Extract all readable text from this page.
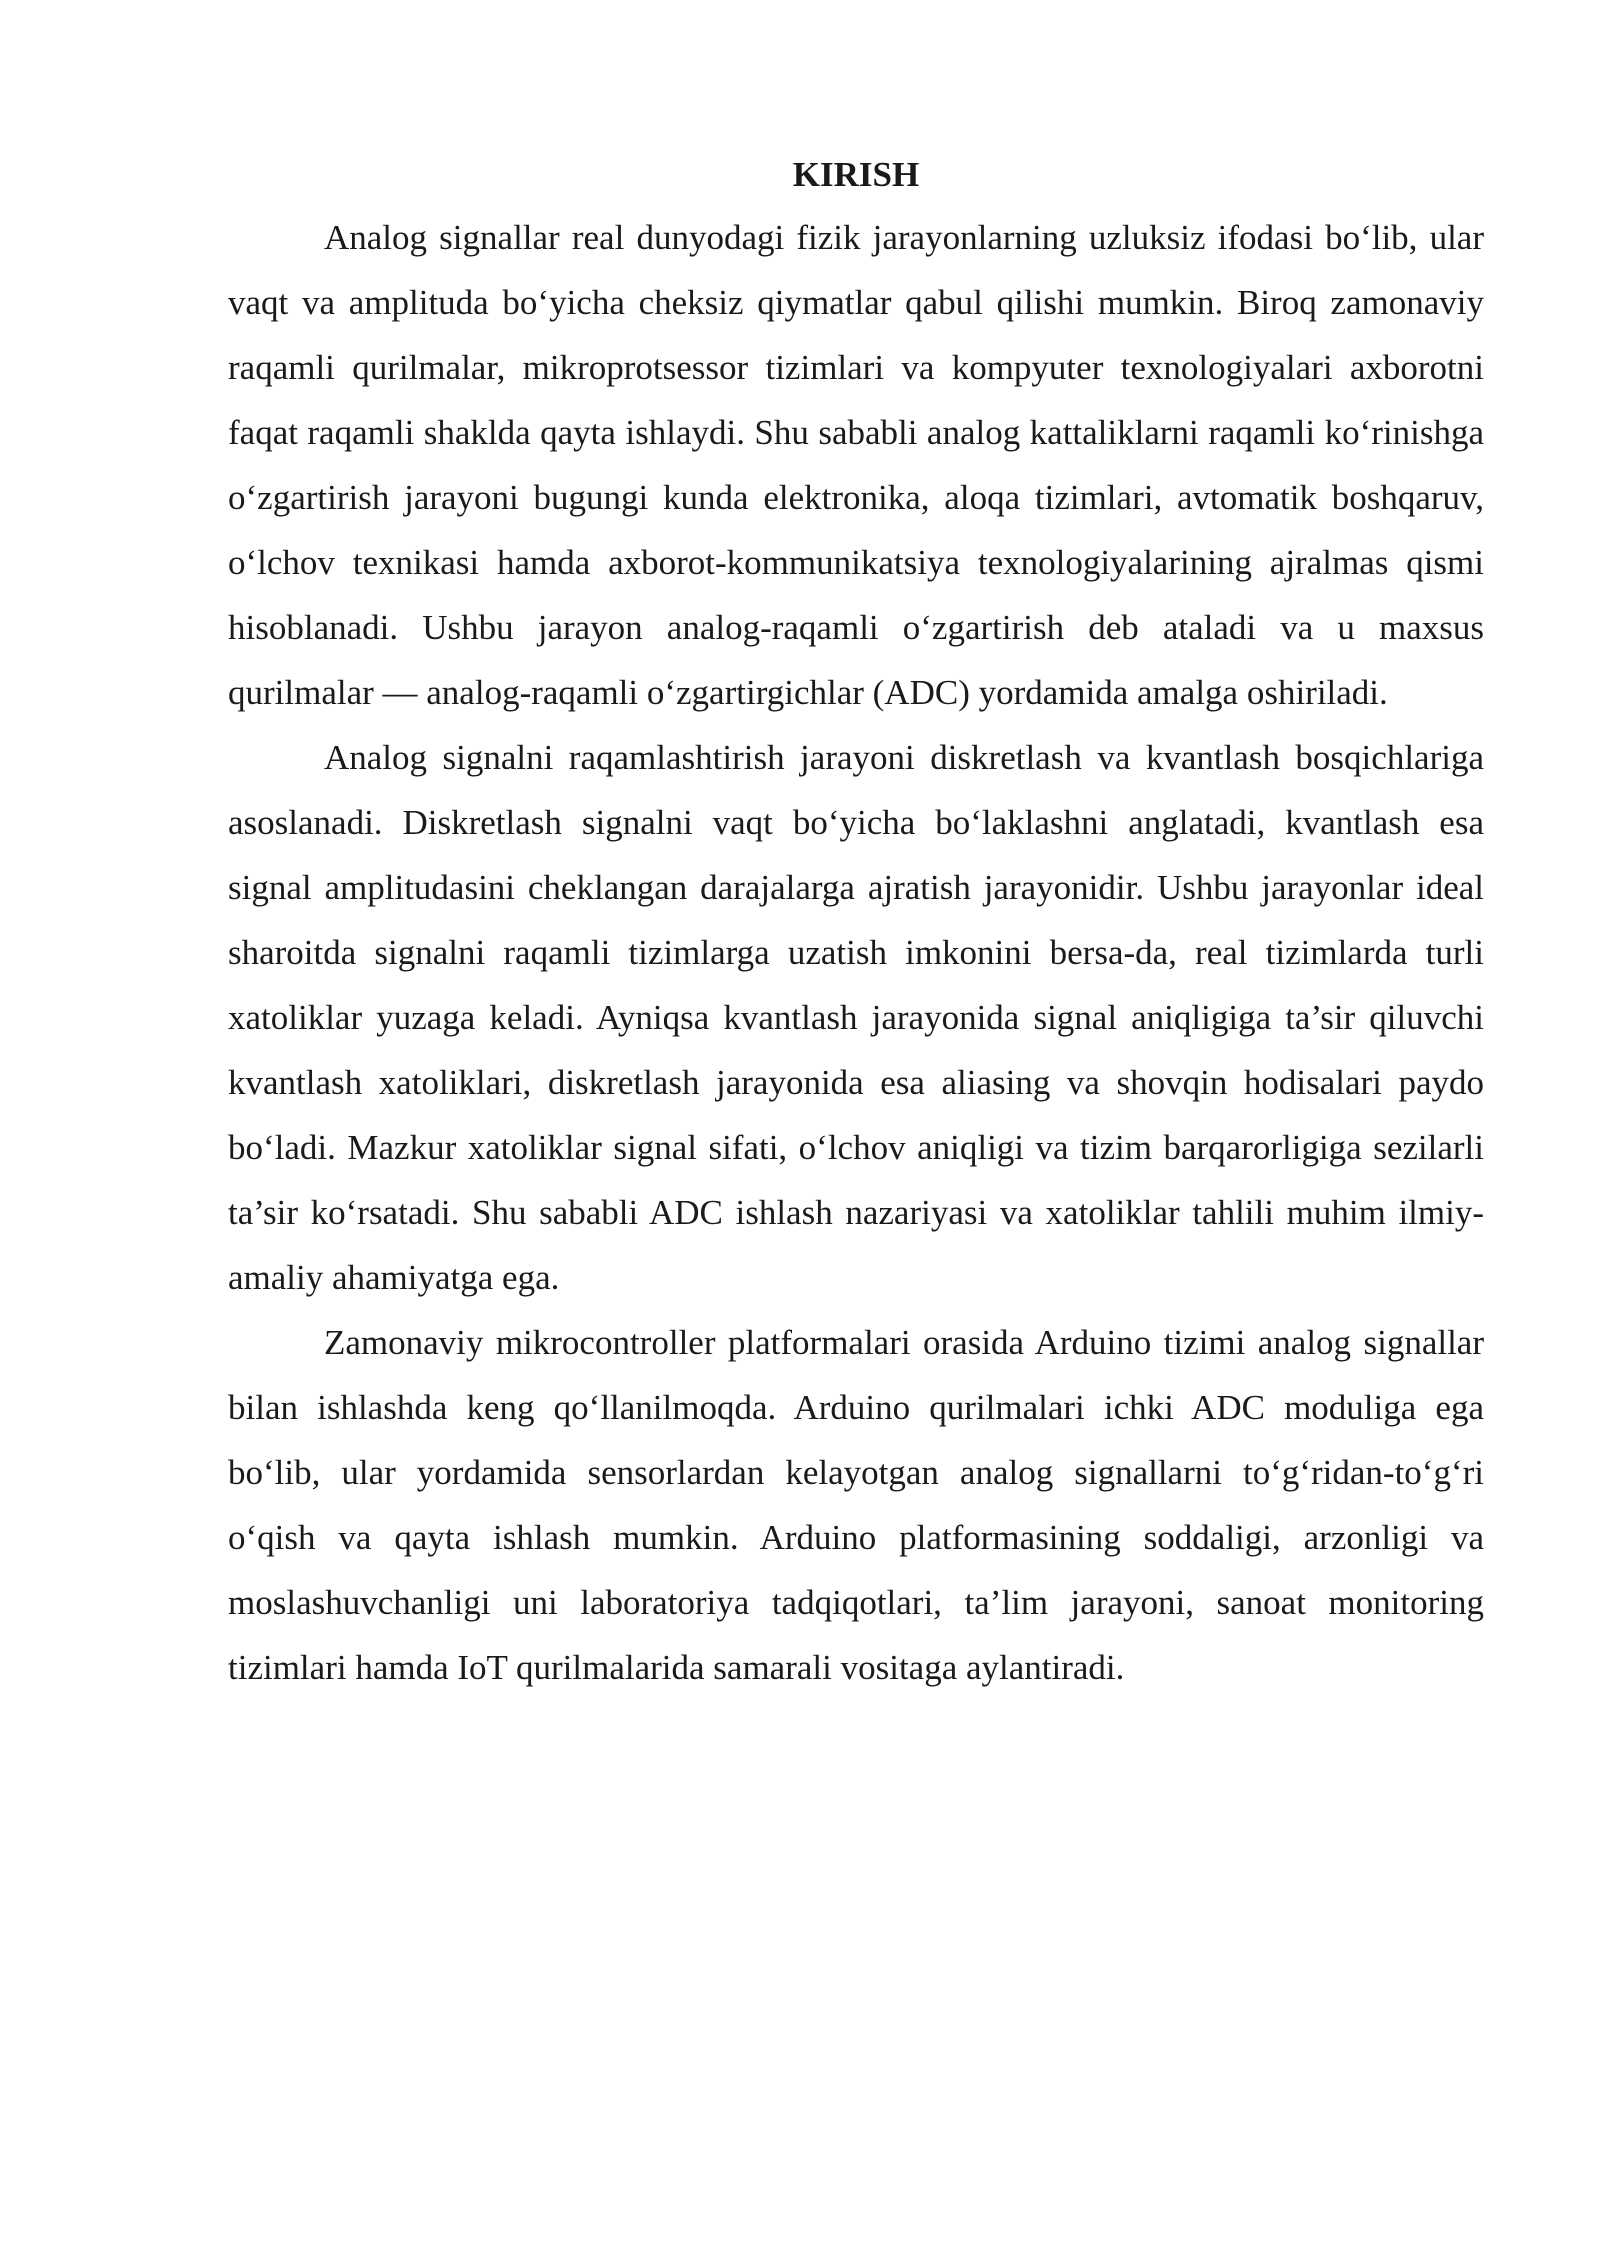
KIRISH

Analog signallar real dunyodagi fizik jarayonlarning uzluksiz ifodasi bo‘lib, ular vaqt va amplituda bo‘yicha cheksiz qiymatlar qabul qilishi mumkin. Biroq zamonaviy raqamli qurilmalar, mikroprotsessor tizimlari va kompyuter texnologiyalari axborotni faqat raqamli shaklda qayta ishlaydi. Shu sababli analog kattaliklarni raqamli ko‘rinishga o‘zgartirish jarayoni bugungi kunda elektronika, aloqa tizimlari, avtomatik boshqaruv, o‘lchov texnikasi hamda axborot-kommunikatsiya texnologiyalarining ajralmas qismi hisoblanadi. Ushbu jarayon analog-raqamli o‘zgartirish deb ataladi va u maxsus qurilmalar — analog-raqamli o‘zgartirgichlar (ADC) yordamida amalga oshiriladi.

Analog signalni raqamlashtirish jarayoni diskretlash va kvantlash bosqichlariga asoslanadi. Diskretlash signalni vaqt bo‘yicha bo‘laklashni anglatadi, kvantlash esa signal amplitudasini cheklangan darajalarga ajratish jarayonidir. Ushbu jarayonlar ideal sharoitda signalni raqamli tizimlarga uzatish imkonini bersa-da, real tizimlarda turli xatoliklar yuzaga keladi. Ayniqsa kvantlash jarayonida signal aniqligiga ta’sir qiluvchi kvantlash xatoliklari, diskretlash jarayonida esa aliasing va shovqin hodisalari paydo bo‘ladi. Mazkur xatoliklar signal sifati, o‘lchov aniqligi va tizim barqarorligiga sezilarli ta’sir ko‘rsatadi. Shu sababli ADC ishlash nazariyasi va xatoliklar tahlili muhim ilmiy-amaliy ahamiyatga ega.

Zamonaviy mikrocontroller platformalari orasida Arduino tizimi analog signallar bilan ishlashda keng qo‘llanilmoqda. Arduino qurilmalari ichki ADC moduliga ega bo‘lib, ular yordamida sensorlardan kelayotgan analog signallarni to‘g‘ridan-to‘g‘ri o‘qish va qayta ishlash mumkin. Arduino platformasining soddaligi, arzonligi va moslashuvchanligi uni laboratoriya tadqiqotlari, ta’lim jarayoni, sanoat monitoring tizimlari hamda IoT qurilmalarida samarali vositaga aylantiradi.
